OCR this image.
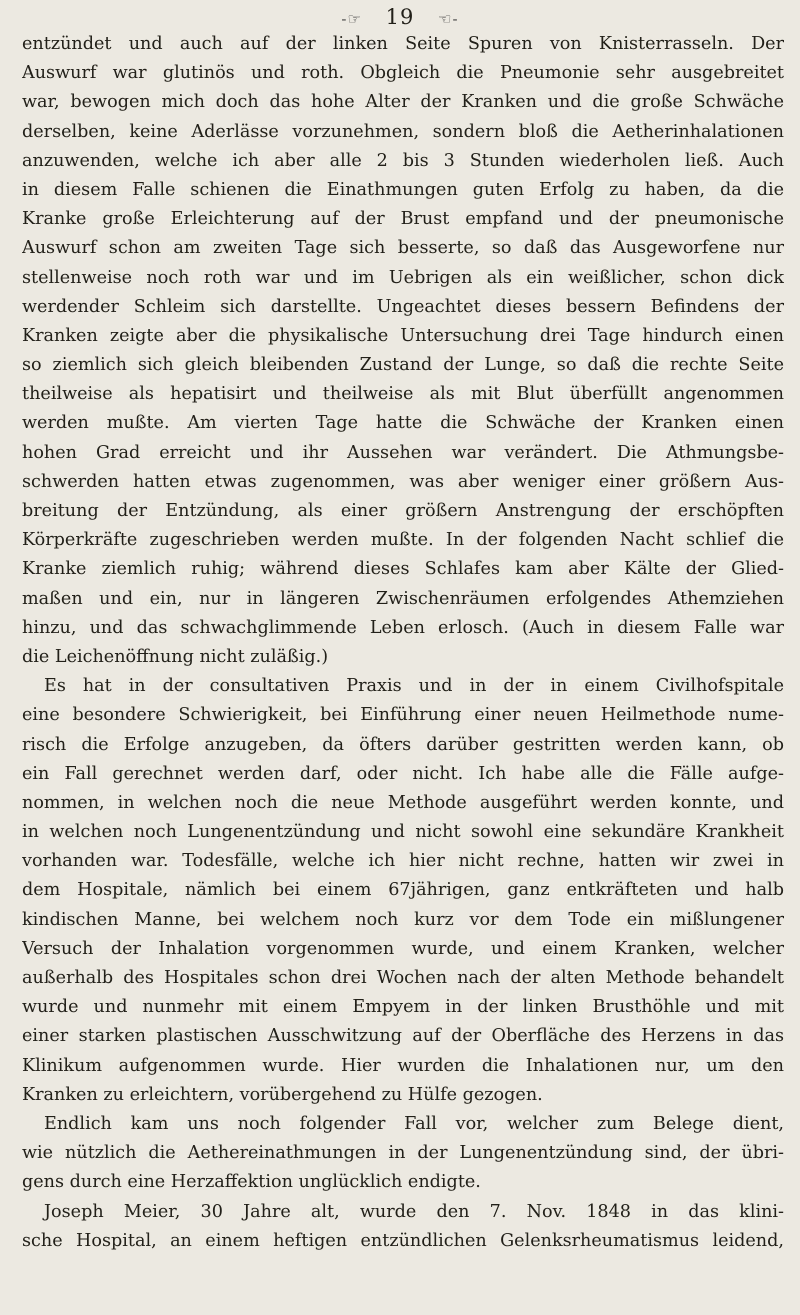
-☞ 19 ☜-
entzündet und auch auf der linken Seite Spuren von Knisterrasseln. Der
Auswurf war glutinös und roth. Obgleich die Pneumonie sehr ausgebreitet
war, bewogen mich doch das hohe Alter der Kranken und die große Schwäche
derselben, keine Aderlässe vorzunehmen, sondern bloß die Aetherinhalationen
anzuwenden, welche ich aber alle 2 bis 3 Stunden wiederholen ließ. Auch
in diesem Falle schienen die Einathmungen guten Erfolg zu haben, da die
Kranke große Erleichterung auf der Brust empfand und der pneumonische
Auswurf schon am zweiten Tage sich besserte, so daß das Ausgeworfene nur
stellenweise noch roth war und im Uebrigen als ein weißlicher, schon dick
werdender Schleim sich darstellte. Ungeachtet dieses bessern Befindens der
Kranken zeigte aber die physikalische Untersuchung drei Tage hindurch einen
so ziemlich sich gleich bleibenden Zustand der Lunge, so daß die rechte Seite
theilweise als hepatisirt und theilweise als mit Blut überfüllt angenommen
werden mußte. Am vierten Tage hatte die Schwäche der Kranken einen
hohen Grad erreicht und ihr Aussehen war verändert. Die Athmungsbe-
schwerden hatten etwas zugenommen, was aber weniger einer größern Aus-
breitung der Entzündung, als einer größern Anstrengung der erschöpften
Körperkräfte zugeschrieben werden mußte. In der folgenden Nacht schlief die
Kranke ziemlich ruhig; während dieses Schlafes kam aber Kälte der Glied-
maßen und ein, nur in längeren Zwischenräumen erfolgendes Athemziehen
hinzu, und das schwachglimmende Leben erlosch. (Auch in diesem Falle war
die Leichenöffnung nicht zuläßig.)
Es hat in der consultativen Praxis und in der in einem Civilhofspitale
eine besondere Schwierigkeit, bei Einführung einer neuen Heilmethode nume-
risch die Erfolge anzugeben, da öfters darüber gestritten werden kann, ob
ein Fall gerechnet werden darf, oder nicht. Ich habe alle die Fälle aufge-
nommen, in welchen noch die neue Methode ausgeführt werden konnte, und
in welchen noch Lungenentzündung und nicht sowohl eine sekundäre Krankheit
vorhanden war. Todesfälle, welche ich hier nicht rechne, hatten wir zwei in
dem Hospitale, nämlich bei einem 67jährigen, ganz entkräfteten und halb
kindischen Manne, bei welchem noch kurz vor dem Tode ein mißlungener
Versuch der Inhalation vorgenommen wurde, und einem Kranken, welcher
außerhalb des Hospitales schon drei Wochen nach der alten Methode behandelt
wurde und nunmehr mit einem Empyem in der linken Brusthöhle und mit
einer starken plastischen Ausschwitzung auf der Oberfläche des Herzens in das
Klinikum aufgenommen wurde. Hier wurden die Inhalationen nur, um den
Kranken zu erleichtern, vorübergehend zu Hülfe gezogen.
Endlich kam uns noch folgender Fall vor, welcher zum Belege dient,
wie nützlich die Aethereinathmungen in der Lungenentzündung sind, der übri-
gens durch eine Herzaffektion unglücklich endigte.
Joseph Meier, 30 Jahre alt, wurde den 7. Nov. 1848 in das klini-
sche Hospital, an einem heftigen entzündlichen Gelenksrheumatismus leidend,
